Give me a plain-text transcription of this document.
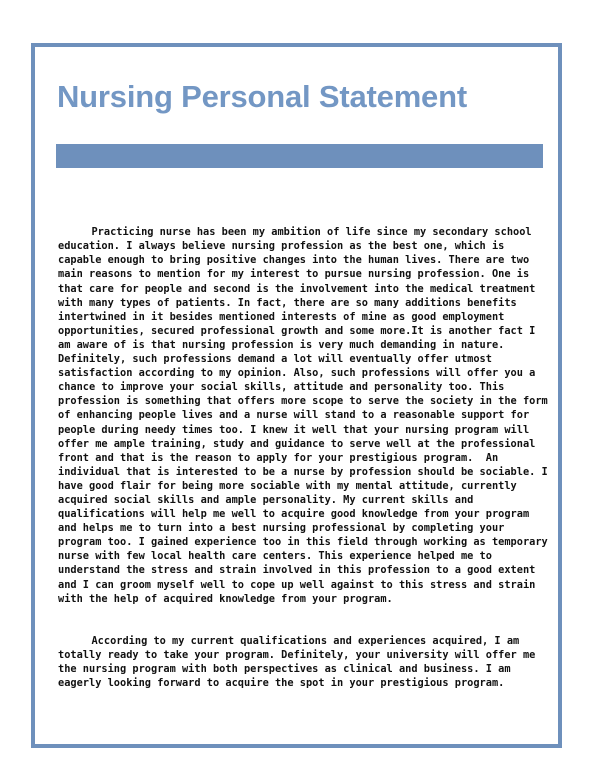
Nursing Personal Statement

Practicing nurse has been my ambition of life since my secondary school education. I always believe nursing profession as the best one, which is capable enough to bring positive changes into the human lives. There are two main reasons to mention for my interest to pursue nursing profession. One is that care for people and second is the involvement into the medical treatment with many types of patients. In fact, there are so many additions benefits intertwined in it besides mentioned interests of mine as good employment opportunities, secured professional growth and some more.It is another fact I am aware of is that nursing profession is very much demanding in nature. Definitely, such professions demand a lot will eventually offer utmost satisfaction according to my opinion. Also, such professions will offer you a chance to improve your social skills, attitude and personality too. This profession is something that offers more scope to serve the society in the form of enhancing people lives and a nurse will stand to a reasonable support for people during needy times too. I knew it well that your nursing program will offer me ample training, study and guidance to serve well at the professional front and that is the reason to apply for your prestigious program.  An individual that is interested to be a nurse by profession should be sociable. I have good flair for being more sociable with my mental attitude, currently acquired social skills and ample personality. My current skills and qualifications will help me well to acquire good knowledge from your program and helps me to turn into a best nursing professional by completing your program too. I gained experience too in this field through working as temporary nurse with few local health care centers. This experience helped me to understand the stress and strain involved in this profession to a good extent and I can groom myself well to cope up well against to this stress and strain with the help of acquired knowledge from your program.

According to my current qualifications and experiences acquired, I am totally ready to take your program. Definitely, your university will offer me the nursing program with both perspectives as clinical and business. I am eagerly looking forward to acquire the spot in your prestigious program.
